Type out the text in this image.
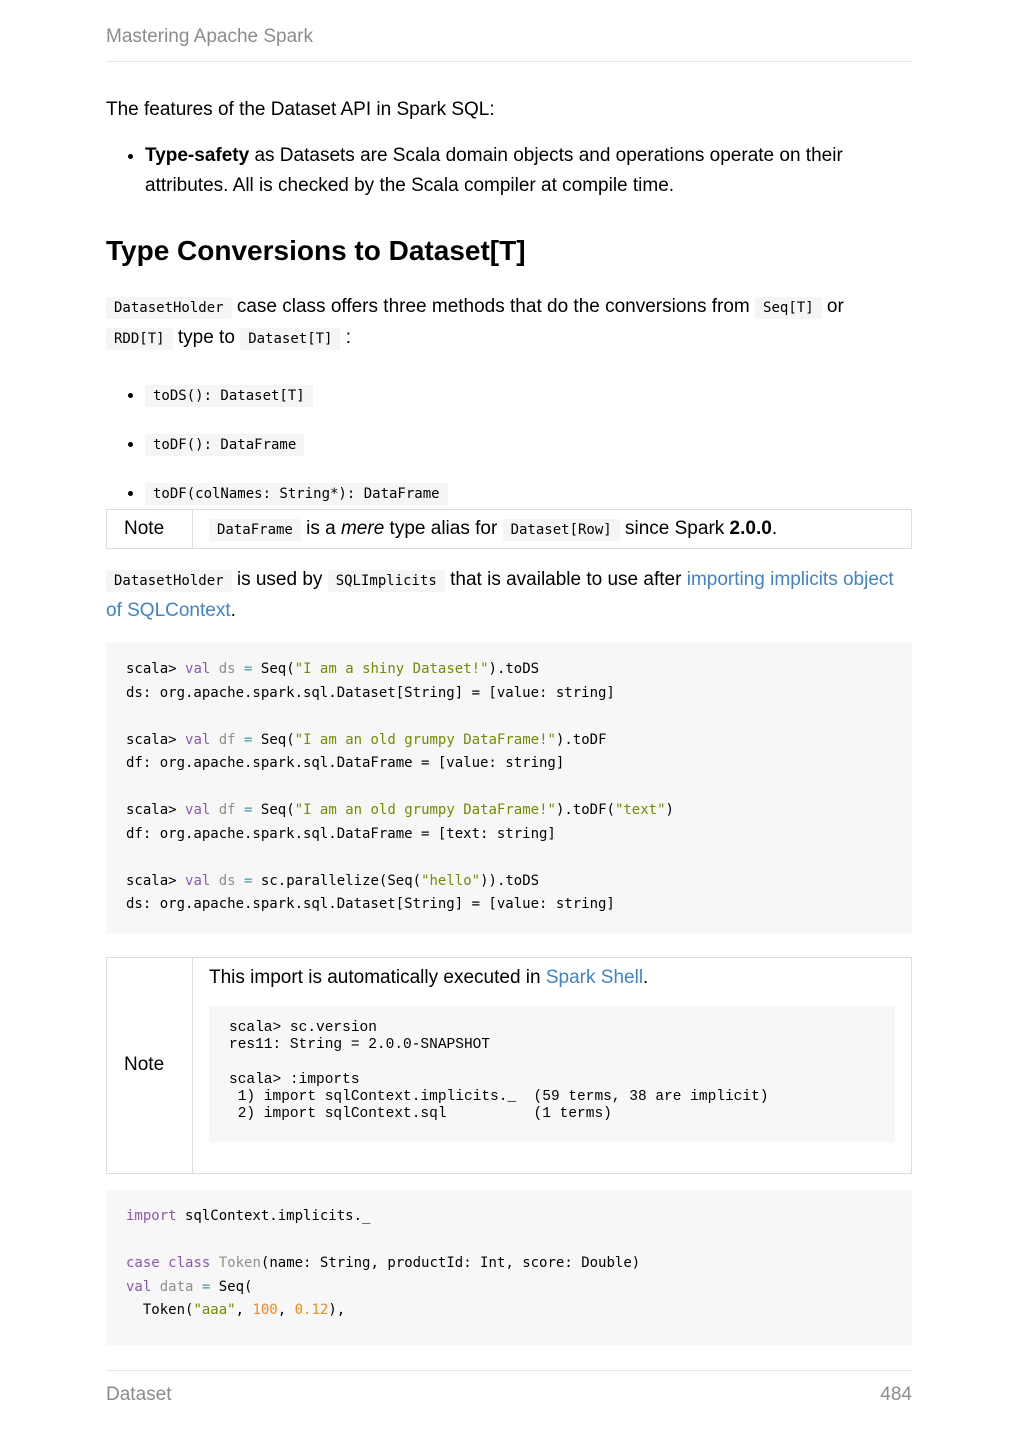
Mastering Apache Spark

The features of the Dataset API in Spark SQL:

• Type-safety as Datasets are Scala domain objects and operations operate on their attributes. All is checked by the Scala compiler at compile time.
Type Conversions to Dataset[T]

DatasetHolder case class offers three methods that do the conversions from Seq[T] or
RDD[T] type to Dataset[T] :

• toDS(): Dataset[T]
• toDF(): DataFrame
• toDF(colNames: String*): DataFrame
Note	DataFrame is a mere type alias for Dataset[Row] since Spark 2.0.0.

DatasetHolder is used by SQLImplicits that is available to use after importing implicits object of SQLContext.

scala> val ds = Seq("I am a shiny Dataset!").toDS
ds: org.apache.spark.sql.Dataset[String] = [value: string]

scala> val df = Seq("I am an old grumpy DataFrame!").toDF
df: org.apache.spark.sql.DataFrame = [value: string]

scala> val df = Seq("I am an old grumpy DataFrame!").toDF("text")
df: org.apache.spark.sql.DataFrame = [text: string]

scala> val ds = sc.parallelize(Seq("hello")).toDS
ds: org.apache.spark.sql.Dataset[String] = [value: string]
Note

This import is automatically executed in Spark Shell.

scala> sc.version
res11: String = 2.0.0-SNAPSHOT

scala> :imports
1) import sqlContext.implicits._  (59 terms, 38 are implicit)
2) import sqlContext.sql          (1 terms)
import sqlContext.implicits._

case class Token(name: String, productId: Int, score: Double)
val data = Seq(
Token("aaa", 100, 0.12),
Dataset	484
